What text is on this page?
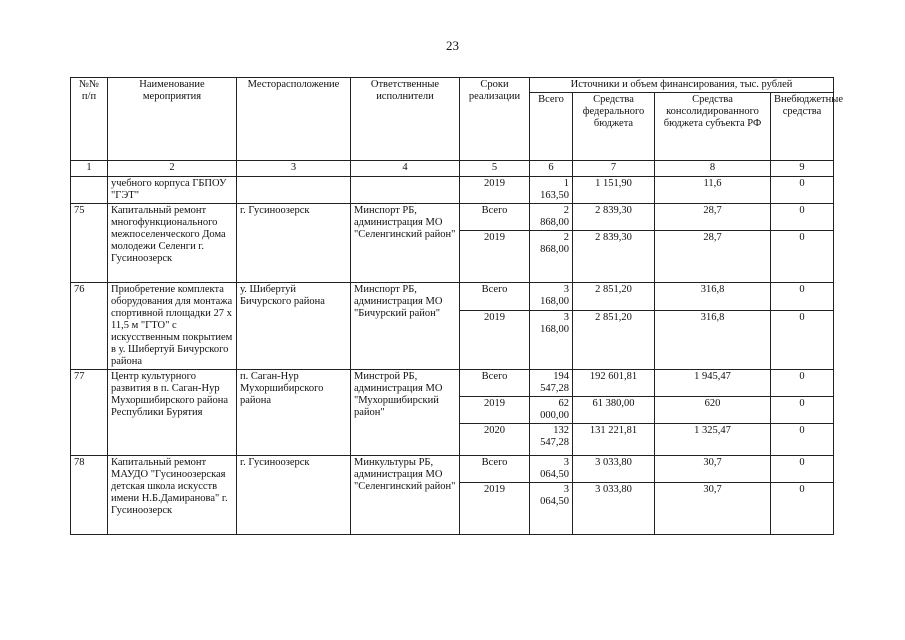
23
№№ п/п	Наименование мероприятия	Месторасположение	Ответственные исполнители	Сроки реализации	Источники и объем финансирования, тыс. рублей			
					Всего	Средства федерального бюджета	Средства консолидированного бюджета субъекта РФ	Внебюджетные средства
1	2	3	4	5	6	7	8	9
	учебного корпуса ГБПОУ "ГЭТ"			2019	1 163,50	1 151,90	11,6	0
75	Капитальный ремонт многофункционального межпоселенческого Дома молодежи Селенги г. Гусиноозерск	г. Гусиноозерск	Минспорт РБ, администрация МО "Селенгинский район"	Всего	2 868,00	2 839,30	28,7	0
				2019	2 868,00	2 839,30	28,7	0
76	Приобретение комплекта оборудования для монтажа спортивной площадки 27 х 11,5 м "ГТО" с искусственным покрытием в у. Шибертуй Бичурского района	у. Шибертуй Бичурского района	Минспорт РБ, администрация МО "Бичурский район"	Всего	3 168,00	2 851,20	316,8	0
				2019	3 168,00	2 851,20	316,8	0
77	Центр культурного развития в п. Саган-Нур Мухоршибирского района Республики Бурятия	п. Саган-Нур Мухоршибирского района	Минстрой РБ, администрация МО "Мухоршибирский район"	Всего	194 547,28	192 601,81	1 945,47	0
				2019	62 000,00	61 380,00	620	0
				2020	132 547,28	131 221,81	1 325,47	0
78	Капитальный ремонт МАУДО "Гусиноозерская детская школа искусств имени Н.Б.Дамиранова" г. Гусиноозерск	г. Гусиноозерск	Минкультуры РБ, администрация МО "Селенгинский район"	Всего	3 064,50	3 033,80	30,7	0
				2019	3 064,50	3 033,80	30,7	0
